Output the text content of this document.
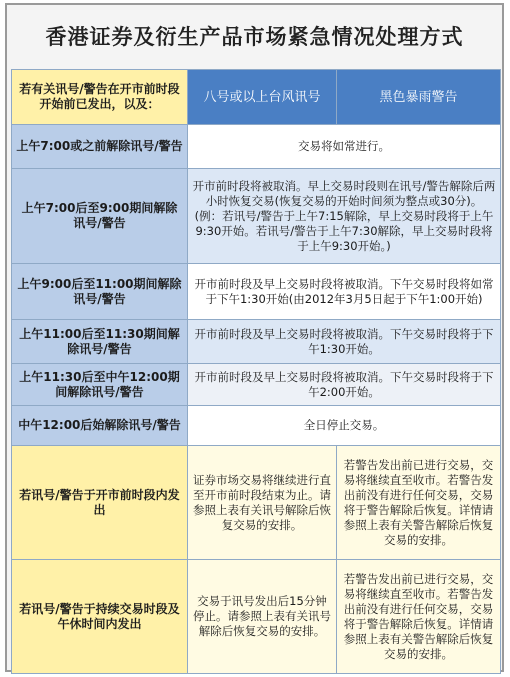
香港证券及衍生产品市场紧急情况处理方式
若有关讯号/警告在开市前时段开始前已发出，以及：	八号或以上台风讯号	黑色暴雨警告
上午7:00或之前解除讯号/警告	交易将如常进行。	
上午7:00后至9:00期间解除讯号/警告	开市前时段将被取消。早上交易时段则在讯号/警告解除后两小时恢复交易(恢复交易的开始时间须为整点或30分)。(例：若讯号/警告于上午7:15解除，早上交易时段将于上午9:30开始。若讯号/警告于上午7:30解除，早上交易时段将于上午9:30开始。)	
上午9:00后至11:00期间解除讯号/警告	开市前时段及早上交易时段将被取消。下午交易时段将如常于下午1:30开始(由2012年3月5日起于下午1:00开始)	
上午11:00后至11:30期间解除讯号/警告	开市前时段及早上交易时段将被取消。下午交易时段将于下午1:30开始。	
上午11:30后至中午12:00期间解除讯号/警告	开市前时段及早上交易时段将被取消。下午交易时段将于下午2:00开始。	
中午12:00后始解除讯号/警告	全日停止交易。	
若讯号/警告于开市前时段内发出	证券市场交易将继续进行直至开市前时段结束为止。请参照上表有关讯号解除后恢复交易的安排。	若警告发出前已进行交易，交易将继续直至收市。若警告发出前没有进行任何交易，交易将于警告解除后恢复。详情请参照上表有关警告解除后恢复交易的安排。
若讯号/警告于持续交易时段及午休时间内发出	交易于讯号发出后15分钟停止。请参照上表有关讯号解除后恢复交易的安排。	若警告发出前已进行交易，交易将继续直至收市。若警告发出前没有进行任何交易，交易将于警告解除后恢复。详情请参照上表有关警告解除后恢复交易的安排。
